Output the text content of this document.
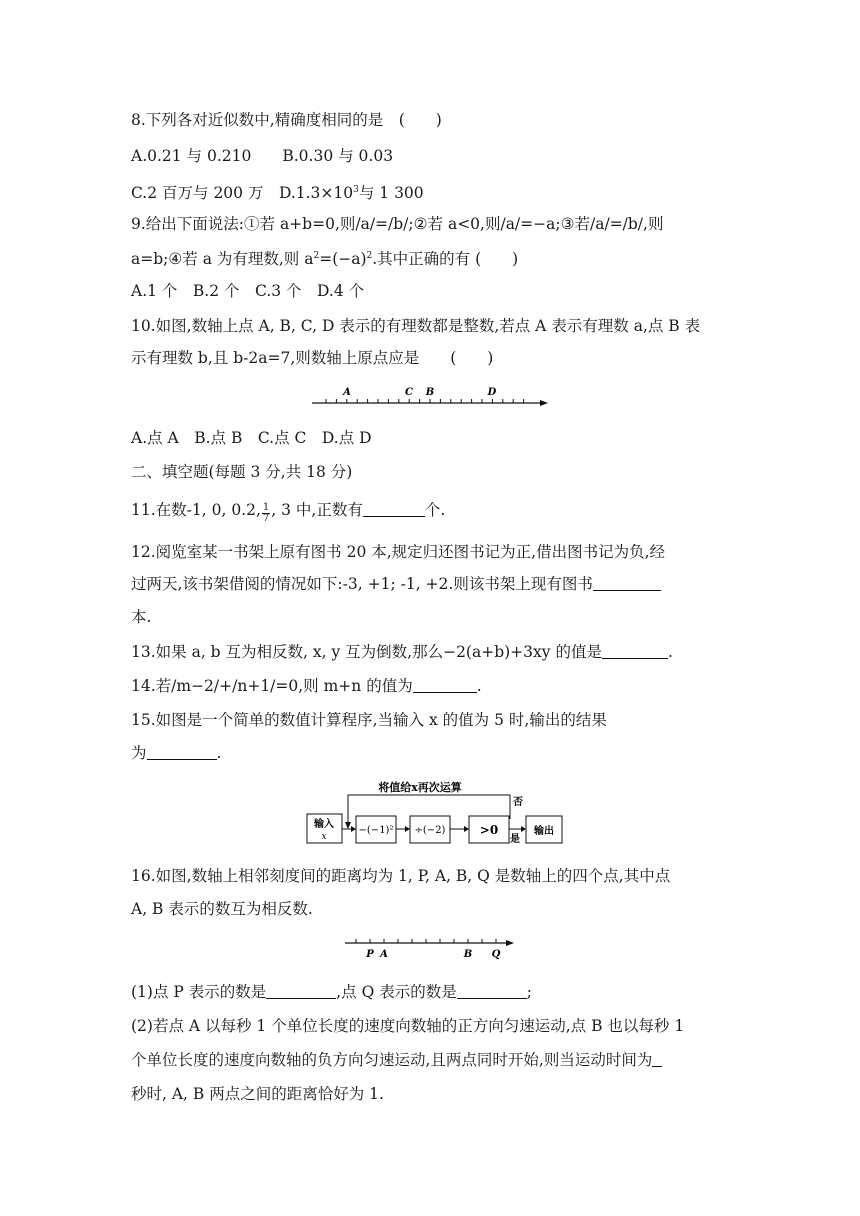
8.下列各对近似数中,精确度相同的是　(　　)
A.0.21 与 0.210　　B.0.30 与 0.03
C.2 百万与 200 万　$D.1.3\times 10^3$与 1 300
9.给出下面说法:①若 a+b=0,则/a/=/b/;②若 a<0,则/a/=−a;③若/a/=/b/,则
a=b;④若 a 为有理数,则 $a^2=(-a)^2$.其中正确的有 (　　)
A.1 个　B.2 个　C.3 个　D.4 个
10.如图,数轴上点 A, B, C, D 表示的有理数都是整数,若点 A 表示有理数 a,点 B 表
示有理数 b,且 b-2a=7,则数轴上原点应是　　(　　)
A	C B	D
A.点 A　B.点 B　C.点 C　D.点 D
二、填空题(每题 3 分,共 18 分)
11.在数-1, 0, 0.2, $\frac{1}{7}$ , 3 中,正数有	个.
12.阅览室某一书架上原有图书 20 本,规定归还图书记为正,借出图书记为负,经
过两天,该书架借阅的情况如下:-3, +1; -1, +2.则该书架上现有图书
本.
13.如果 a, b 互为相反数, x, y 互为倒数,那么−2(a+b)+3xy 的值是	.
14.若/m−2/+/n+1/=0,则 m+n 的值为	.
15.如图是一个简单的数值计算程序,当输入 x 的值为 5 时,输出的结果
为	.
将值给x再次运算
否
输入
x
−(−1)² ÷(−2)	>0
是
输出
16.如图,数轴上相邻刻度间的距离均为 1, P, A, B, Q 是数轴上的四个点,其中点
A, B 表示的数互为相反数.
P A	B Q
(1)点 P 表示的数是	,点 Q 表示的数是	;
(2)若点 A 以每秒 1 个单位长度的速度向数轴的正方向匀速运动,点 B 也以每秒 1
个单位长度的速度向数轴的负方向匀速运动,且两点同时开始,则当运动时间为
秒时, A, B 两点之间的距离恰好为 1.
